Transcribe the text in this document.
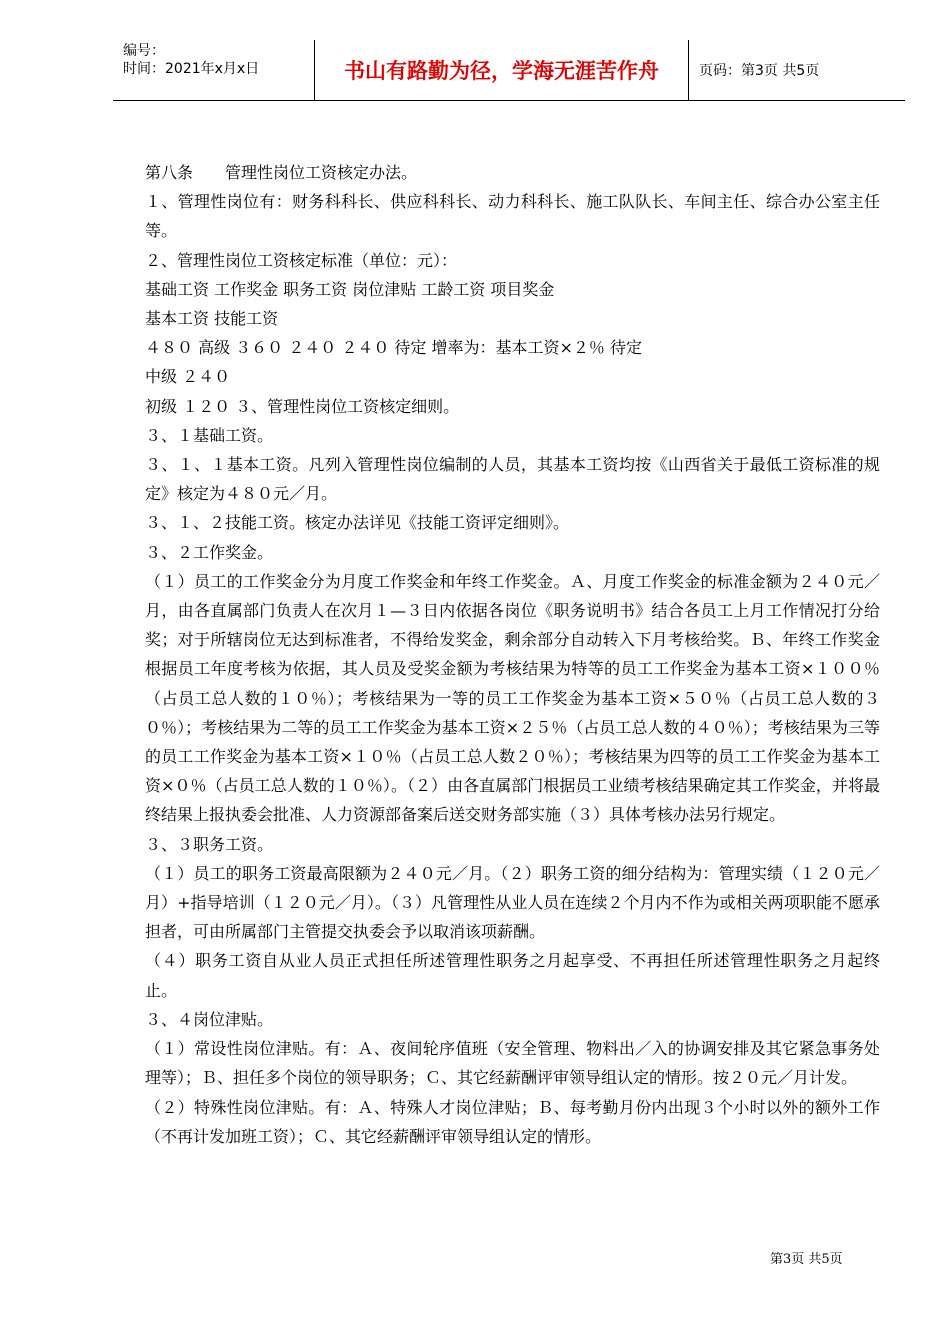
编号：
时间：2021年x月x日	书山有路勤为径，学海无涯苦作舟	页码：第3页 共5页

第八条　　管理性岗位工资核定办法。

１、管理性岗位有：财务科科长、供应科科长、动力科科长、施工队队长、车间主任、综合办公室主任等。

２、管理性岗位工资核定标准（单位：元）：

基础工资 工作奖金 职务工资 岗位津贴 工龄工资 项目奖金

基本工资 技能工资

４８０ 高级 ３６０ ２４０ ２４０ 待定 增率为：基本工资×２％ 待定

中级 ２４０

初级 １２０ ３、管理性岗位工资核定细则。

３、１基础工资。

３、１、１基本工资。凡列入管理性岗位编制的人员，其基本工资均按《山西省关于最低工资标准的规定》核定为４８０元／月。

３、１、２技能工资。核定办法详见《技能工资评定细则》。

３、２工作奖金。

（１）员工的工作奖金分为月度工作奖金和年终工作奖金。Ａ、月度工作奖金的标准金额为２４０元／月，由各直属部门负责人在次月１—３日内依据各岗位《职务说明书》结合各员工上月工作情况打分给奖；对于所辖岗位无达到标准者，不得给发奖金，剩余部分自动转入下月考核给奖。Ｂ、年终工作奖金根据员工年度考核为依据，其人员及受奖金额为考核结果为特等的员工工作奖金为基本工资×１００％（占员工总人数的１０％）；考核结果为一等的员工工作奖金为基本工资×５０％（占员工总人数的３０％）；考核结果为二等的员工工作奖金为基本工资×２５％（占员工总人数的４０％）；考核结果为三等的员工工作奖金为基本工资×１０％（占员工总人数２０％）；考核结果为四等的员工工作奖金为基本工资×０％（占员工总人数的１０％）。（２）由各直属部门根据员工业绩考核结果确定其工作奖金，并将最终结果上报执委会批准、人力资源部备案后送交财务部实施（３）具体考核办法另行规定。

３、３职务工资。

（１）员工的职务工资最高限额为２４０元／月。（２）职务工资的细分结构为：管理实绩（１２０元／月）+指导培训（１２０元／月）。（３）凡管理性从业人员在连续２个月内不作为或相关两项职能不愿承担者，可由所属部门主管提交执委会予以取消该项薪酬。

（４）职务工资自从业人员正式担任所述管理性职务之月起享受、不再担任所述管理性职务之月起终止。

３、４岗位津贴。

（１）常设性岗位津贴。有：Ａ、夜间轮序值班（安全管理、物料出／入的协调安排及其它紧急事务处理等）；Ｂ、担任多个岗位的领导职务；Ｃ、其它经薪酬评审领导组认定的情形。按２０元／月计发。

（２）特殊性岗位津贴。有：Ａ、特殊人才岗位津贴；Ｂ、每考勤月份内出现３个小时以外的额外工作（不再计发加班工资）；Ｃ、其它经薪酬评审领导组认定的情形。

第3页 共5页
